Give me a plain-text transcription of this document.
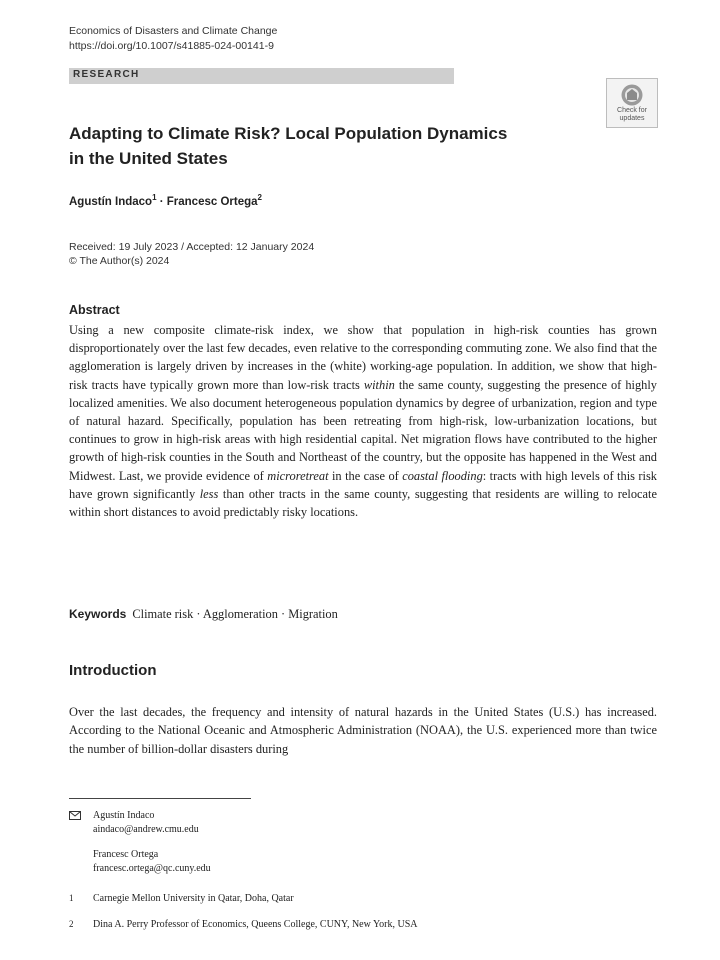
Economics of Disasters and Climate Change
https://doi.org/10.1007/s41885-024-00141-9
RESEARCH
Check for
updates
Adapting to Climate Risk? Local Population Dynamics
in the United States
Agustín Indaco$^1$ · Francesc Ortega$^2$
Received: 19 July 2023 / Accepted: 12 January 2024
© The Author(s) 2024
Abstract
Using a new composite climate-risk index, we show that population in high-risk counties has grown disproportionately over the last few decades, even relative to the corresponding commuting zone. We also find that the agglomeration is largely driven by increases in the (white) working-age population. In addition, we show that high-risk tracts have typically grown more than low-risk tracts within the same county, suggesting the presence of highly localized amenities. We also document heterogeneous population dynamics by degree of urbanization, region and type of natural hazard. Specifically, population has been retreating from high-risk, low-urbanization locations, but continues to grow in high-risk areas with high residential capital. Net migration flows have contributed to the higher growth of high-risk counties in the South and Northeast of the country, but the opposite has happened in the West and Midwest. Last, we provide evidence of microretreat in the case of coastal flooding: tracts with high levels of this risk have grown significantly less than other tracts in the same county, suggesting that residents are willing to relocate within short distances to avoid predictably risky locations.
Keywords Climate risk · Agglomeration · Migration
Introduction
Over the last decades, the frequency and intensity of natural hazards in the United States (U.S.) has increased. According to the National Oceanic and Atmospheric Administration (NOAA), the U.S. experienced more than twice the number of billion-dollar disasters during
Agustín Indaco
aindaco@andrew.cmu.edu
Francesc Ortega
francesc.ortega@qc.cuny.edu
1 Carnegie Mellon University in Qatar, Doha, Qatar
2 Dina A. Perry Professor of Economics, Queens College, CUNY, New York, USA
